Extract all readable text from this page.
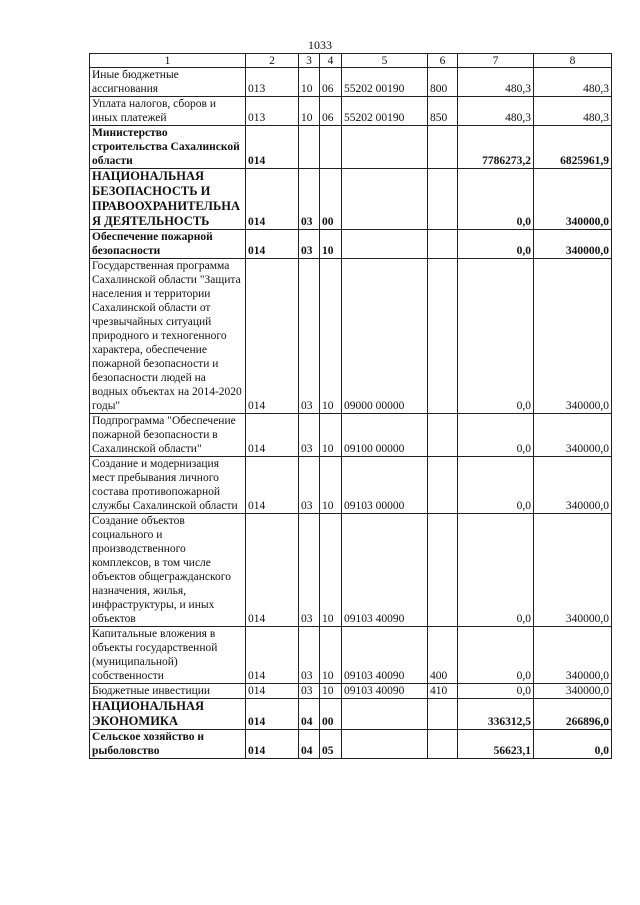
1033
1	2	3	4	5	6	7	8
Иные бюджетные ассигнования	013	10	06	55202 00190	800	480,3	480,3
Уплата налогов, сборов и иных платежей	013	10	06	55202 00190	850	480,3	480,3
Министерство строительства Сахалинской области	014					7786273,2	6825961,9
НАЦИОНАЛЬНАЯ БЕЗОПАСНОСТЬ И ПРАВООХРАНИТЕЛЬНАЯ ДЕЯТЕЛЬНОСТЬ	014	03	00			0,0	340000,0
Обеспечение пожарной безопасности	014	03	10			0,0	340000,0
Государственная программа Сахалинской области "Защита населения и территории Сахалинской области от чрезвычайных ситуаций природного и техногенного характера, обеспечение пожарной безопасности и безопасности людей на водных объектах на 2014-2020 годы"	014	03	10	09000 00000		0,0	340000,0
Подпрограмма "Обеспечение пожарной безопасности в Сахалинской области"	014	03	10	09100 00000		0,0	340000,0
Создание и модернизация мест пребывания личного состава противопожарной службы Сахалинской области	014	03	10	09103 00000		0,0	340000,0
Создание объектов социального и производственного комплексов, в том числе объектов общегражданского назначения, жилья, инфраструктуры, и иных объектов	014	03	10	09103 40090		0,0	340000,0
Капитальные вложения в объекты государственной (муниципальной) собственности	014	03	10	09103 40090	400	0,0	340000,0
Бюджетные инвестиции	014	03	10	09103 40090	410	0,0	340000,0
НАЦИОНАЛЬНАЯ ЭКОНОМИКА	014	04	00			336312,5	266896,0
Сельское хозяйство и рыболовство	014	04	05			56623,1	0,0
